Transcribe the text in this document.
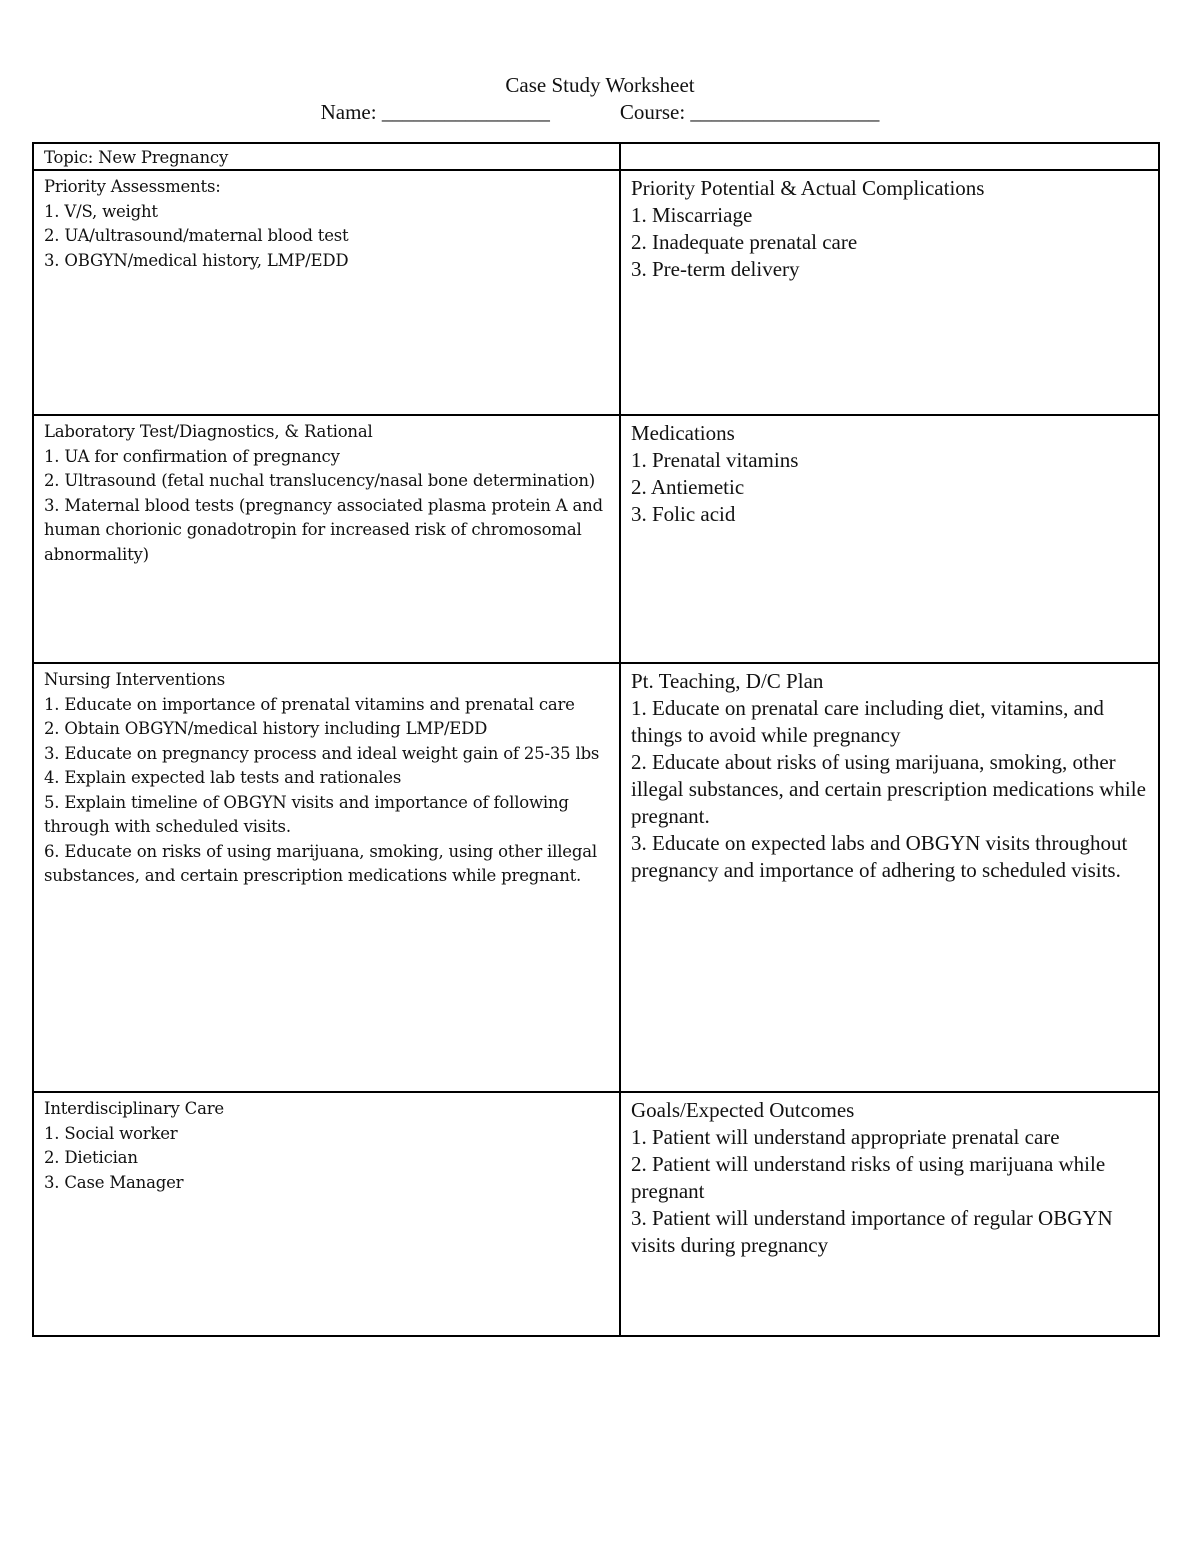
Case Study Worksheet
Name: ________________	Course: __________________
Topic: New Pregnancy
Priority Assessments:
1. V/S, weight
2. UA/ultrasound/maternal blood test
3. OBGYN/medical history, LMP/EDD
Priority Potential & Actual Complications
1. Miscarriage
2. Inadequate prenatal care
3. Pre-term delivery
Laboratory Test/Diagnostics, & Rational
1. UA for confirmation of pregnancy
2. Ultrasound (fetal nuchal translucency/nasal bone determination)
3. Maternal blood tests (pregnancy associated plasma protein A and human chorionic gonadotropin for increased risk of chromosomal abnormality)
Medications
1. Prenatal vitamins
2. Antiemetic
3. Folic acid
Nursing Interventions
1. Educate on importance of prenatal vitamins and prenatal care
2. Obtain OBGYN/medical history including LMP/EDD
3. Educate on pregnancy process and ideal weight gain of 25-35 lbs
4. Explain expected lab tests and rationales
5. Explain timeline of OBGYN visits and importance of following through with scheduled visits.
6. Educate on risks of using marijuana, smoking, using other illegal substances, and certain prescription medications while pregnant.
Pt. Teaching, D/C Plan
1. Educate on prenatal care including diet, vitamins, and things to avoid while pregnancy
2. Educate about risks of using marijuana, smoking, other illegal substances, and certain prescription medications while pregnant.
3. Educate on expected labs and OBGYN visits throughout pregnancy and importance of adhering to scheduled visits.
Interdisciplinary Care
1. Social worker
2. Dietician
3. Case Manager
Goals/Expected Outcomes
1. Patient will understand appropriate prenatal care
2. Patient will understand risks of using marijuana while pregnant
3. Patient will understand importance of regular OBGYN visits during pregnancy
